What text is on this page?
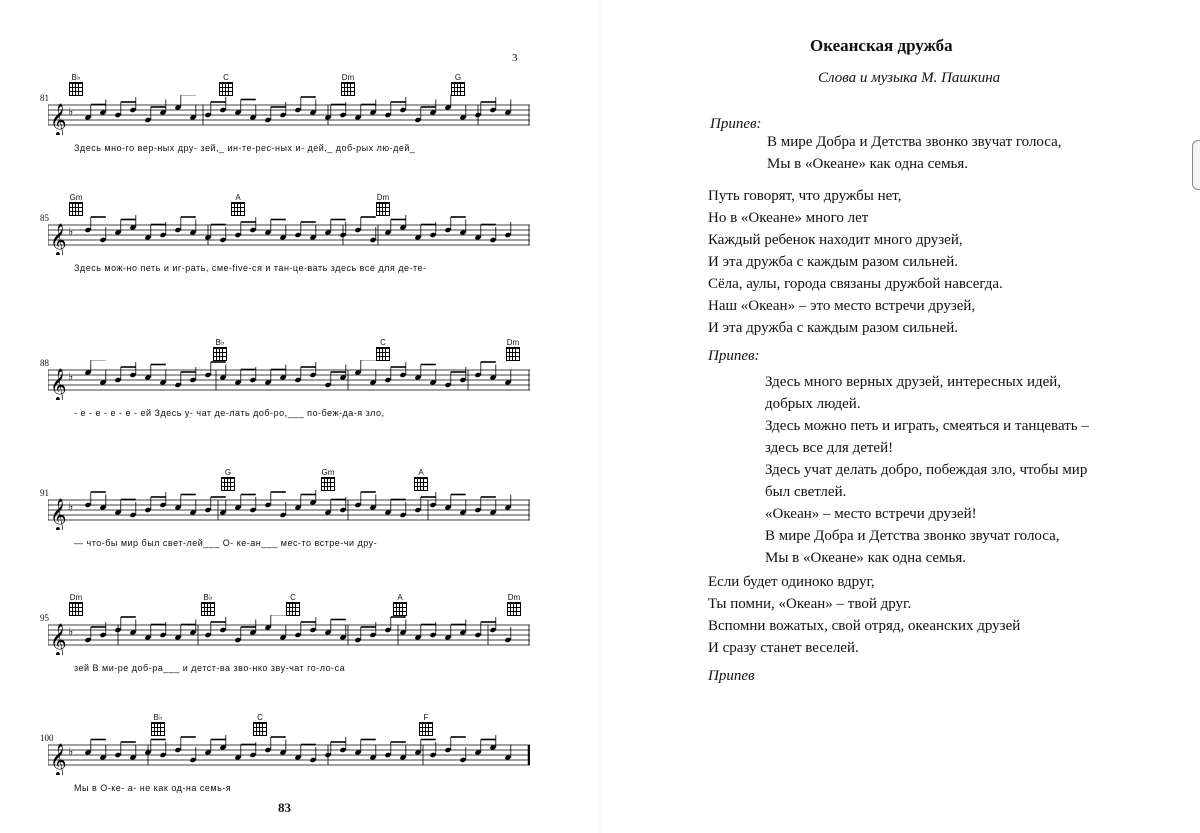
3
81
B♭	C	Dm	G
𝄞 ♭
Здесь мно-го вер-ных дру- зей,_ ин-те-рес-ных и- дей,_ доб-рых лю-дей_
85
Gm	A	Dm
𝄞 ♭
Здесь мож-но петь и иг-рать, сме-five-ся и тан-це-вать здесь все для де-те-
88
B♭	C	Dm
𝄞 ♭
- е - е - е - е - ей Здесь у- чат де-лать доб-ро,___ по-беж-да-я зло,
91
G	Gm	A
𝄞 ♭
— что-бы мир был свет-лей___ О- ке-ан___ мес-то встре-чи дру-
95
Dm	B♭	C	A	Dm
𝄞 ♭
зей В ми-ре доб-ра___ и детст-ва зво-нко зву-чат го-ло-са
100
B♭	C	F
𝄞 ♭
Мы в О-ке- а- не как од-на семь-я
83
Океанская дружба
Слова и музыка М. Пашкина
Припев:
В мире Добра и Детства звонко звучат голоса,
Мы в «Океане» как одна семья.
Путь говорят, что дружбы нет,
Но в «Океане» много лет
Каждый ребенок находит много друзей,
И эта дружба с каждым разом сильней.
Сёла, аулы, города связаны дружбой навсегда.
Наш «Океан» – это место встречи друзей,
И эта дружба с каждым разом сильней.
Припев:
Здесь много верных друзей, интересных идей,
добрых людей.
Здесь можно петь и играть, смеяться и танцевать –
здесь все для детей!
Здесь учат делать добро, побеждая зло, чтобы мир
был светлей.
«Океан» – место встречи друзей!
В мире Добра и Детства звонко звучат голоса,
Мы в «Океане» как одна семья.
Если будет одиноко вдруг,
Ты помни, «Океан» – твой друг.
Вспомни вожатых, свой отряд, океанских друзей
И сразу станет веселей.
Припев
